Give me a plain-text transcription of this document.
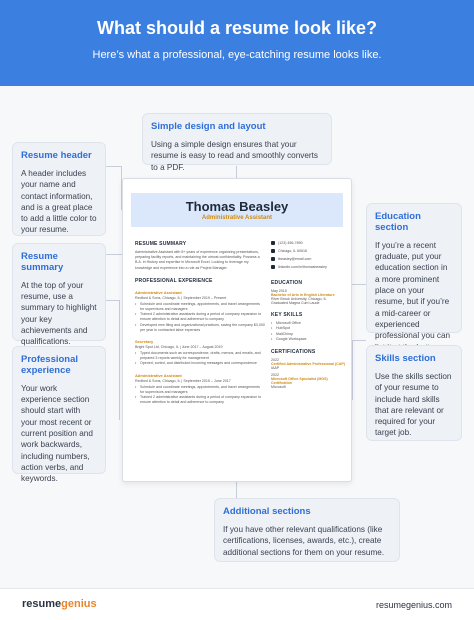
What should a resume look like?

Here’s what a professional, eye-catching resume looks like.

Simple design and layout
Using a simple design ensures that your resume is easy to read and smoothly converts to a PDF.
Resume header
A header includes your name and contact information, and is a great place to add a little color to your resume.
Resume summary
At the top of your resume, use a summary to highlight your key achievements and qualifications.
Professional experience
Your work experience section should start with your most recent or current position and work backwards, including numbers, action verbs, and keywords.
Education section
If you’re a recent graduate, put your education section in a more prominent place on your resume, but if you’re a mid-career or experienced professional you can
Skills section
Use the skills section of your resume to include hard skills that are relevant or required for your target job.
Additional sections
If you have other relevant qualifications (like certifications, licenses, awards, etc.), create additional sections for them on your resume.
Thomas Beasley
Administrative Assistant
RESUME SUMMARY
Administrative Assistant with 8+ years of experience organizing presentations, preparing facility reports, and maintaining the utmost confidentiality. Possess a B.A. in History and expertise in Microsoft Excel. Looking to leverage my knowledge and experience into a role as Project Manager.
PROFESSIONAL EXPERIENCE
Administrative Assistant
Redford & Sons, Chicago, IL | September 2019 – Present
• Schedule and coordinate meetings, appointments, and travel arrangements for supervisors and managers
• Trained 2 administrative assistants during a period of company expansion to ensure attention to detail and adherence to company
• Developed new filing and organizational practices, saving the company $3,000 per year in contracted labor expenses
Secretary
Bright Spot Ltd, Chicago, IL | June 2017 – August 2019
• Typed documents such as correspondence, drafts, memos, and emails, and prepared 3 reports weekly for management
• Opened, sorted, and distributed incoming messages and correspondence
Administrative Assistant
Redford & Sons, Chicago, IL | September 2015 – June 2017
• Schedule and coordinate meetings, appointments, and travel arrangements for supervisors and managers
• Trained 2 administrative assistants during a period of company expansion to ensure attention to detail and adherence to company
(123) 456-7890
Chicago, IL 60616
tbeasley@email.com
linkedin.com/in/thomasbeasley
EDUCATION
May 2015
Bachelor of Arts in English Literature
River Brook University, Chicago, IL
Graduated Magna Cum Laude
KEY SKILLS
• Microsoft Office
• HubSpot
• MailChimp
• Google Workspace
CERTIFICATIONS
2022
Certified Administrative Professional (CAP)
IAAP
2022
Microsoft Office Specialist (MOS) Certification
Microsoft
resumegenius	resumegenius.com
